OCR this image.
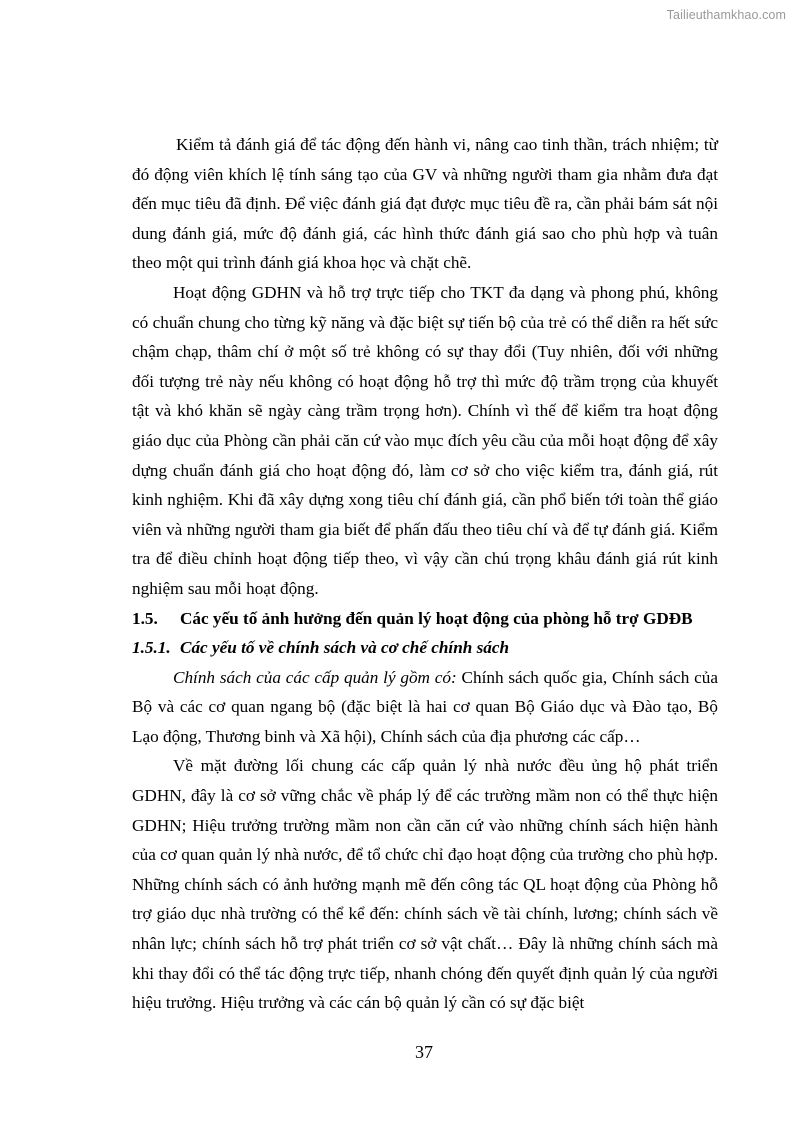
Tailieuthamkhao.com

Kiểm tả đánh giá để tác động đến hành vi, nâng cao tinh thần, trách nhiệm; từ đó động viên khích lệ tính sáng tạo của GV và những người tham gia nhằm đưa đạt đến mục tiêu đã định. Để việc đánh giá đạt được mục tiêu đề ra, cần phải bám sát nội dung đánh giá, mức độ đánh giá, các hình thức đánh giá sao cho phù hợp và tuân theo một qui trình đánh giá khoa học và chặt chẽ.

Hoạt động GDHN và hỗ trợ trực tiếp cho TKT đa dạng và phong phú, không có chuẩn chung cho từng kỹ năng và đặc biệt sự tiến bộ của trẻ có thể diễn ra hết sức chậm chạp, thâm chí ở một số trẻ không có sự thay đổi (Tuy nhiên, đối với những đối tượng trẻ này nếu không có hoạt động hỗ trợ thì mức độ trầm trọng của khuyết tật và khó khăn sẽ ngày càng trầm trọng hơn). Chính vì thế để kiểm tra hoạt động giáo dục của Phòng cần phải căn cứ vào mục đích yêu cầu của mỗi hoạt động để xây dựng chuẩn đánh giá cho hoạt động đó, làm cơ sở cho việc kiểm tra, đánh giá, rút kinh nghiệm. Khi đã xây dựng xong tiêu chí đánh giá, cần phổ biến tới toàn thể giáo viên và những người tham gia biết để phấn đấu theo tiêu chí và để tự đánh giá. Kiểm tra để điều chỉnh hoạt động tiếp theo, vì vậy cần chú trọng khâu đánh giá rút kinh nghiệm sau mỗi hoạt động.

1.5.	Các yếu tố ảnh hưởng đến quản lý hoạt động của phòng hỗ trợ GDĐB

1.5.1. Các yếu tố về chính sách và cơ chế chính sách

Chính sách của các cấp quản lý gồm có: Chính sách quốc gia, Chính sách của Bộ và các cơ quan ngang bộ (đặc biệt là hai cơ quan Bộ Giáo dục và Đào tạo, Bộ Lạo động, Thương binh và Xã hội), Chính sách của địa phương các cấp…

Về mặt đường lối chung các cấp quản lý nhà nước đều ủng hộ phát triển GDHN, đây là cơ sở vững chắc về pháp lý để các trường mầm non có thể thực hiện GDHN; Hiệu trưởng trường mầm non cần căn cứ vào những chính sách hiện hành của cơ quan quản lý nhà nước, để tổ chức chỉ đạo hoạt động của trường cho phù hợp. Những chính sách có ảnh hưởng mạnh mẽ đến công tác QL hoạt động của Phòng hỗ trợ giáo dục nhà trường có thể kể đến: chính sách về tài chính, lương; chính sách về nhân lực; chính sách hỗ trợ phát triển cơ sở vật chất… Đây là những chính sách mà khi thay đổi có thể tác động trực tiếp, nhanh chóng đến quyết định quản lý của người hiệu trưởng. Hiệu trưởng và các cán bộ quản lý cần có sự đặc biệt

37
